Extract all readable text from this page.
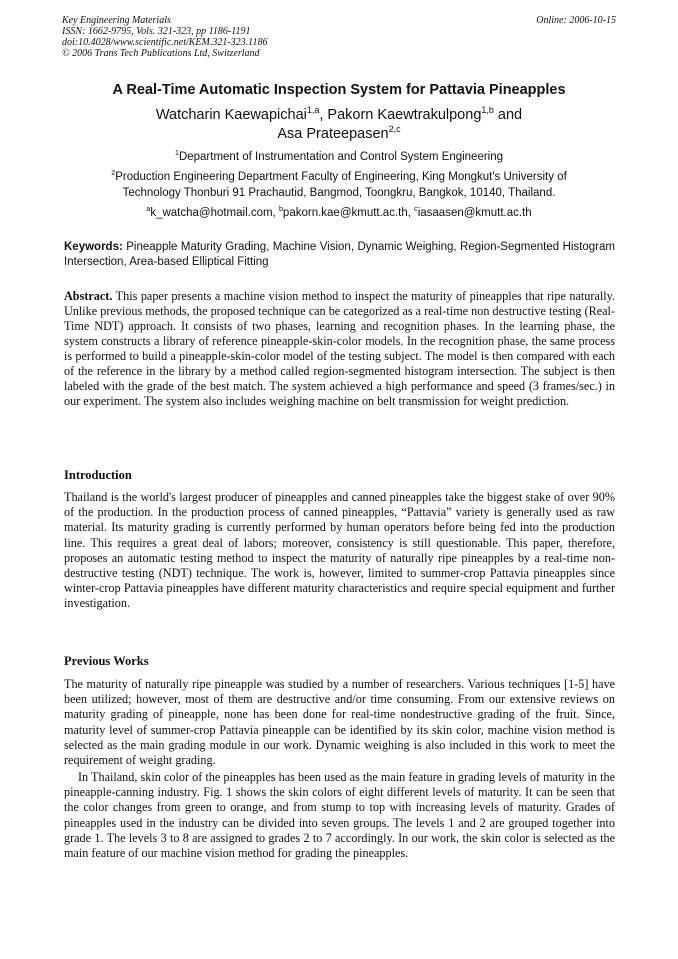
Key Engineering Materials
ISSN: 1662-9795, Vols. 321-323, pp 1186-1191
doi:10.4028/www.scientific.net/KEM.321-323.1186
© 2006 Trans Tech Publications Ltd, Switzerland
Online: 2006-10-15
A Real-Time Automatic Inspection System for Pattavia Pineapples
Watcharin Kaewapichai$^{1,a}$, Pakorn Kaewtrakulpong$^{1,b}$ and
Asa Prateepasen$^{2,c}$
$^1$Department of Instrumentation and Control System Engineering
$^2$Production Engineering Department Faculty of Engineering, King Mongkut's University of
Technology Thonburi 91 Prachautid, Bangmod, Toongkru, Bangkok, 10140, Thailand.
$^a$k_watcha@hotmail.com, $^b$pakorn.kae@kmutt.ac.th, $^c$iasaasen@kmutt.ac.th
Keywords: Pineapple Maturity Grading, Machine Vision, Dynamic Weighing, Region-Segmented Histogram Intersection, Area-based Elliptical Fitting
Abstract. This paper presents a machine vision method to inspect the maturity of pineapples that ripe naturally. Unlike previous methods, the proposed technique can be categorized as a real-time non destructive testing (Real-Time NDT) approach. It consists of two phases, learning and recognition phases. In the learning phase, the system constructs a library of reference pineapple-skin-color models. In the recognition phase, the same process is performed to build a pineapple-skin-color model of the testing subject. The model is then compared with each of the reference in the library by a method called region-segmented histogram intersection. The subject is then labeled with the grade of the best match. The system achieved a high performance and speed (3 frames/sec.) in our experiment. The system also includes weighing machine on belt transmission for weight prediction.
Introduction
Thailand is the world's largest producer of pineapples and canned pineapples take the biggest stake of over 90% of the production. In the production process of canned pineapples, “Pattavia” variety is generally used as raw material. Its maturity grading is currently performed by human operators before being fed into the production line. This requires a great deal of labors; moreover, consistency is still questionable. This paper, therefore, proposes an automatic testing method to inspect the maturity of naturally ripe pineapples by a real-time non-destructive testing (NDT) technique. The work is, however, limited to summer-crop Pattavia pineapples since winter-crop Pattavia pineapples have different maturity characteristics and require special equipment and further investigation.
Previous Works
The maturity of naturally ripe pineapple was studied by a number of researchers. Various techniques [1-5] have been utilized; however, most of them are destructive and/or time consuming. From our extensive reviews on maturity grading of pineapple, none has been done for real-time nondestructive grading of the fruit. Since, maturity level of summer-crop Pattavia pineapple can be identified by its skin color, machine vision method is selected as the main grading module in our work. Dynamic weighing is also included in this work to meet the requirement of weight grading.
In Thailand, skin color of the pineapples has been used as the main feature in grading levels of maturity in the pineapple-canning industry. Fig. 1 shows the skin colors of eight different levels of maturity. It can be seen that the color changes from green to orange, and from stump to top with increasing levels of maturity. Grades of pineapples used in the industry can be divided into seven groups. The levels 1 and 2 are grouped together into grade 1. The levels 3 to 8 are assigned to grades 2 to 7 accordingly. In our work, the skin color is selected as the main feature of our machine vision method for grading the pineapples.
